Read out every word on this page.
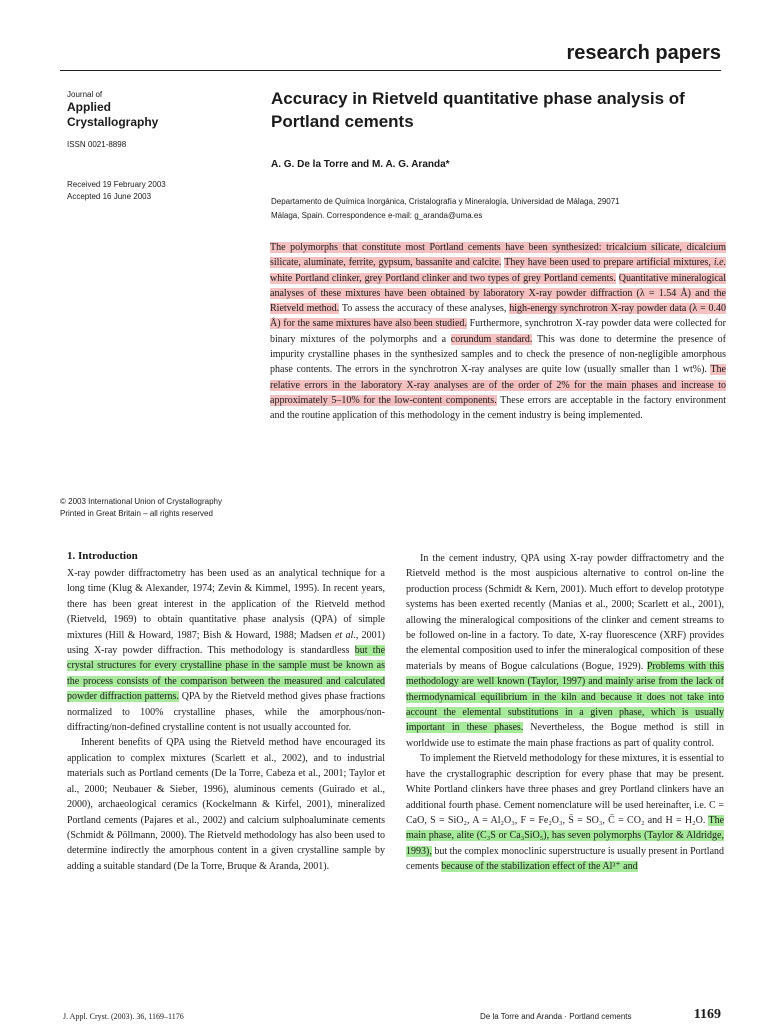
research papers
Journal of
Applied
Crystallography
ISSN 0021-8898
Received 19 February 2003
Accepted 16 June 2003
Accuracy in Rietveld quantitative phase analysis of Portland cements
A. G. De la Torre and M. A. G. Aranda*
Departamento de Química Inorgánica, Cristalografía y Mineralogía, Universidad de Málaga, 29071
Málaga, Spain. Correspondence e-mail: g_aranda@uma.es
© 2003 International Union of Crystallography
Printed in Great Britain – all rights reserved
The polymorphs that constitute most Portland cements have been synthesized: tricalcium silicate, dicalcium silicate, aluminate, ferrite, gypsum, bassanite and calcite. They have been used to prepare artificial mixtures, i.e. white Portland clinker, grey Portland clinker and two types of grey Portland cements. Quantitative mineralogical analyses of these mixtures have been obtained by laboratory X-ray powder diffraction (λ = 1.54 Å) and the Rietveld method. To assess the accuracy of these analyses, high-energy synchrotron X-ray powder data (λ = 0.40 Å) for the same mixtures have also been studied. Furthermore, synchrotron X-ray powder data were collected for binary mixtures of the polymorphs and a corundum standard. This was done to determine the presence of impurity crystalline phases in the synthesized samples and to check the presence of non-negligible amorphous phase contents. The errors in the synchrotron X-ray analyses are quite low (usually smaller than 1 wt%). The relative errors in the laboratory X-ray analyses are of the order of 2% for the main phases and increase to approximately 5–10% for the low-content components. These errors are acceptable in the factory environment and the routine application of this methodology in the cement industry is being implemented.
1. Introduction

X-ray powder diffractometry has been used as an analytical technique for a long time (Klug & Alexander, 1974; Zevin & Kimmel, 1995). In recent years, there has been great interest in the application of the Rietveld method (Rietveld, 1969) to obtain quantitative phase analysis (QPA) of simple mixtures (Hill & Howard, 1987; Bish & Howard, 1988; Madsen et al., 2001) using X-ray powder diffraction. This methodology is standardless but the crystal structures for every crystalline phase in the sample must be known as the process consists of the comparison between the measured and calculated powder diffraction patterns. QPA by the Rietveld method gives phase fractions normalized to 100% crystalline phases, while the amorphous/non-diffracting/non-defined crystalline content is not usually accounted for.

Inherent benefits of QPA using the Rietveld method have encouraged its application to complex mixtures (Scarlett et al., 2002), and to industrial materials such as Portland cements (De la Torre, Cabeza et al., 2001; Taylor et al., 2000; Neubauer & Sieber, 1996), aluminous cements (Guirado et al., 2000), archaeological ceramics (Kockelmann & Kirfel, 2001), mineralized Portland cements (Pajares et al., 2002) and calcium sulphoaluminate cements (Schmidt & Pöllmann, 2000). The Rietveld methodology has also been used to determine indirectly the amorphous content in a given crystalline sample by adding a suitable standard (De la Torre, Bruque & Aranda, 2001).

In the cement industry, QPA using X-ray powder diffractometry and the Rietveld method is the most auspicious alternative to control on-line the production process (Schmidt & Kern, 2001). Much effort to develop prototype systems has been exerted recently (Manias et al., 2000; Scarlett et al., 2001), allowing the mineralogical compositions of the clinker and cement streams to be followed on-line in a factory. To date, X-ray fluorescence (XRF) provides the elemental composition used to infer the mineralogical composition of these materials by means of Bogue calculations (Bogue, 1929). Problems with this methodology are well known (Taylor, 1997) and mainly arise from the lack of thermodynamical equilibrium in the kiln and because it does not take into account the elemental substitutions in a given phase, which is usually important in these phases. Nevertheless, the Bogue method is still in worldwide use to estimate the main phase fractions as part of quality control.

To implement the Rietveld methodology for these mixtures, it is essential to have the crystallographic description for every phase that may be present. White Portland clinkers have three phases and grey Portland clinkers have an additional fourth phase. Cement nomenclature will be used hereinafter, i.e. C = CaO, S = SiO₂, A = Al₂O₃, F = Fe₂O₃, S̄ = SO₃, C̄ = CO₂ and H = H₂O. The main phase, alite (C₃S or Ca₃SiO₅), has seven polymorphs (Taylor & Aldridge, 1993), but the complex monoclinic superstructure is usually present in Portland cements because of the stabilization effect of the Al³⁺ and

J. Appl. Cryst. (2003). 36, 1169–1176	De la Torre and Aranda · Portland cements	1169
